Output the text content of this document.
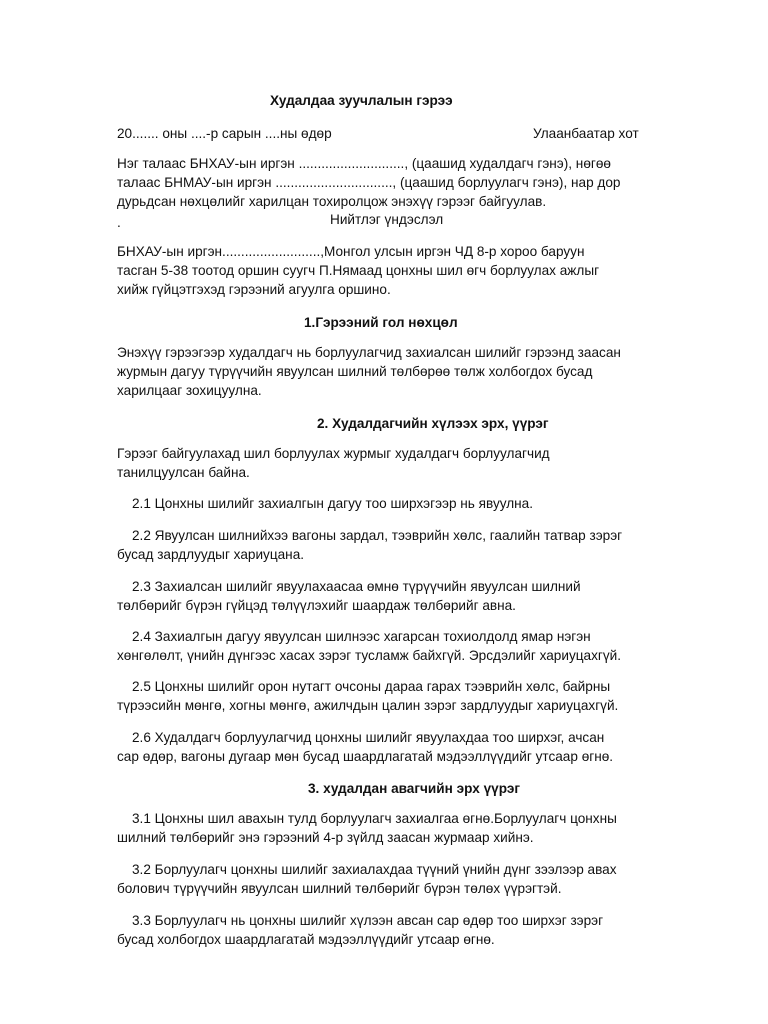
Худалдаа зуучлалын гэрээ
20....... оны ....-р сарын ....ны өдөр	Улаанбаатар хот
Нэг талаас БНХАУ-ын иргэн ............................, (цаашид худалдагч гэнэ), нөгөө
талаас БНМАУ-ын иргэн ..............................., (цаашид борлуулагч гэнэ), нар дор
дурьдсан нөхцөлийг харилцан тохиролцож энэхүү гэрээг байгуулав.
.	Нийтлэг үндэслэл
БНХАУ-ын иргэн..........................,Монгол улсын иргэн ЧД 8-р хороо баруун
тасган 5-38 тоотод оршин суугч П.Нямаад цонхны шил өгч борлуулах ажлыг
хийж гүйцэтгэхэд гэрээний агуулга оршино.
1.Гэрээний гол нөхцөл
Энэхүү гэрээгээр худалдагч нь борлуулагчид захиалсан шилийг гэрээнд заасан
журмын дагуу түрүүчийн явуулсан шилний төлбөрөө төлж холбогдох бусад
харилцааг зохицуулна.
2. Худалдагчийн хүлээх эрх, үүрэг
Гэрээг байгуулахад шил борлуулах журмыг худалдагч борлуулагчид
танилцуулсан байна.
2.1 Цонхны шилийг захиалгын дагуу тоо ширхэгээр нь явуулна.
2.2 Явуулсан шилнийхээ вагоны зардал, тээврийн хөлс, гаалийн татвар зэрэг
бусад зардлуудыг хариуцана.
2.3 Захиалсан шилийг явуулахаасаа өмнө түрүүчийн явуулсан шилний
төлбөрийг бүрэн гүйцэд төлүүлэхийг шаардаж төлбөрийг авна.
2.4 Захиалгын дагуу явуулсан шилнээс хагарсан тохиолдолд ямар нэгэн
хөнгөлөлт, үнийн дүнгээс хасах зэрэг тусламж байхгүй. Эрсдэлийг хариуцахгүй.
2.5 Цонхны шилийг орон нутагт очсоны дараа гарах тээврийн хөлс, байрны
түрээсийн мөнгө, хогны мөнгө, ажилчдын цалин зэрэг зардлуудыг хариуцахгүй.
2.6 Худалдагч борлуулагчид цонхны шилийг явуулахдаа тоо ширхэг, ачсан
сар өдөр, вагоны дугаар мөн бусад шаардлагатай мэдээллүүдийг утсаар өгнө.
3. худалдан авагчийн эрх үүрэг
3.1 Цонхны шил авахын тулд борлуулагч захиалгаа өгнө.Борлуулагч цонхны
шилний төлбөрийг энэ гэрээний 4-р зүйлд заасан журмаар хийнэ.
3.2 Борлуулагч цонхны шилийг захиалахдаа түүний үнийн дүнг зээлээр авах
болович түрүүчийн явуулсан шилний төлбөрийг бүрэн төлөх үүрэгтэй.
3.3 Борлуулагч нь цонхны шилийг хүлээн авсан сар өдөр тоо ширхэг зэрэг
бусад холбогдох шаардлагатай мэдээллүүдийг утсаар өгнө.
